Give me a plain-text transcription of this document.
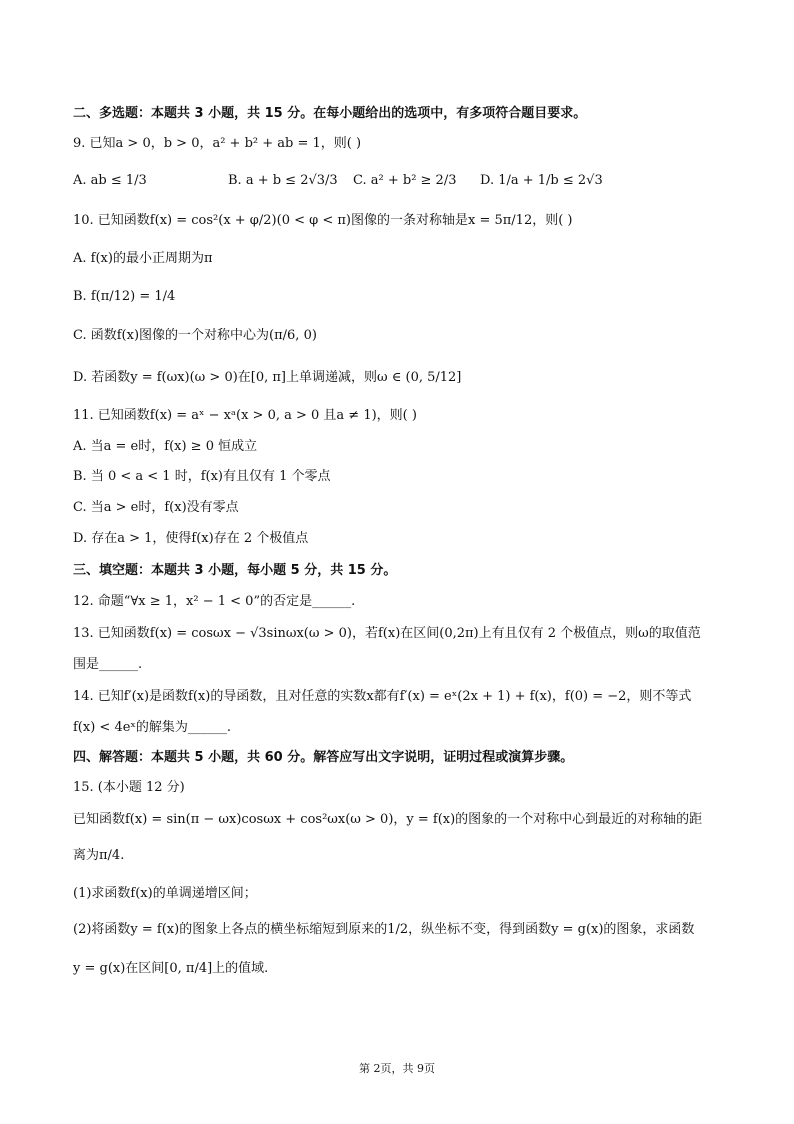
二、多选题：本题共 3 小题，共 15 分。在每小题给出的选项中，有多项符合题目要求。
9. 已知a > 0，b > 0，a² + b² + ab = 1，则( )
A. ab ≤ 1/3	B. a + b ≤ 2√3/3 C. a² + b² ≥ 2/3 D. 1/a + 1/b ≤ 2√3
10. 已知函数f(x) = cos²(x + φ/2)(0 < φ < π)图像的一条对称轴是x = 5π/12，则( )
A. f(x)的最小正周期为π
B. f(π/12) = 1/4
C. 函数f(x)图像的一个对称中心为(π/6, 0)
D. 若函数y = f(ωx)(ω > 0)在[0, π]上单调递减，则ω ∈ (0, 5/12]
11. 已知函数f(x) = aˣ − xᵃ(x > 0, a > 0 且a ≠ 1)，则( )
A. 当a = e时，f(x) ≥ 0 恒成立
B. 当 0 < a < 1 时，f(x)有且仅有 1 个零点
C. 当a > e时，f(x)没有零点
D. 存在a > 1，使得f(x)存在 2 个极值点
三、填空题：本题共 3 小题，每小题 5 分，共 15 分。
12. 命题“∀x ≥ 1，x² − 1 < 0”的否定是______.
13. 已知函数f(x) = cosωx − √3sinωx(ω > 0)，若f(x)在区间(0,2π)上有且仅有 2 个极值点，则ω的取值范
围是______.
14. 已知f′(x)是函数f(x)的导函数，且对任意的实数x都有f′(x) = eˣ(2x + 1) + f(x)，f(0) = −2，则不等式
f(x) < 4eˣ的解集为______.
四、解答题：本题共 5 小题，共 60 分。解答应写出文字说明，证明过程或演算步骤。
15. (本小题 12 分)
已知函数f(x) = sin(π − ωx)cosωx + cos²ωx(ω > 0)，y = f(x)的图象的一个对称中心到最近的对称轴的距
离为π/4.
(1)求函数f(x)的单调递增区间；
(2)将函数y = f(x)的图象上各点的横坐标缩短到原来的1/2，纵坐标不变，得到函数y = g(x)的图象，求函数
y = g(x)在区间[0, π/4]上的值域.
第 2页，共 9页
